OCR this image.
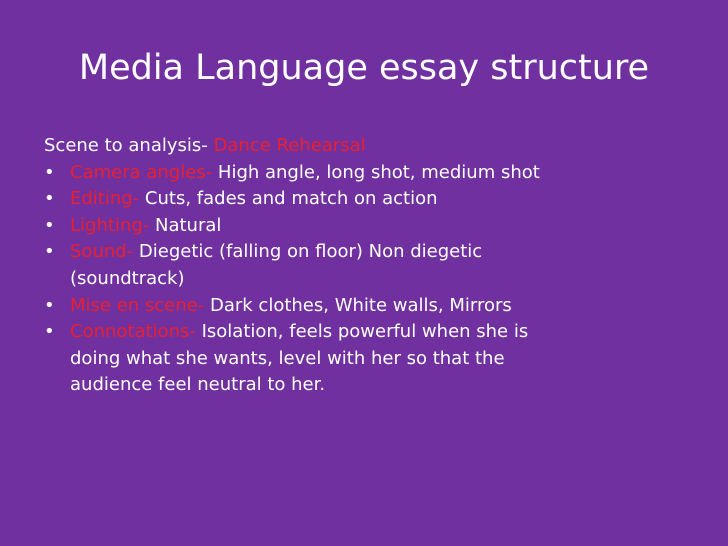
Media Language essay structure
Scene to analysis- Dance Rehearsal
• Camera angles- High angle, long shot, medium shot
• Editing- Cuts, fades and match on action
• Lighting- Natural
• Sound- Diegetic (falling on floor) Non diegetic
(soundtrack)
• Mise en scene- Dark clothes, White walls, Mirrors
• Connotations- Isolation, feels powerful when she is
doing what she wants, level with her so that the
audience feel neutral to her.
